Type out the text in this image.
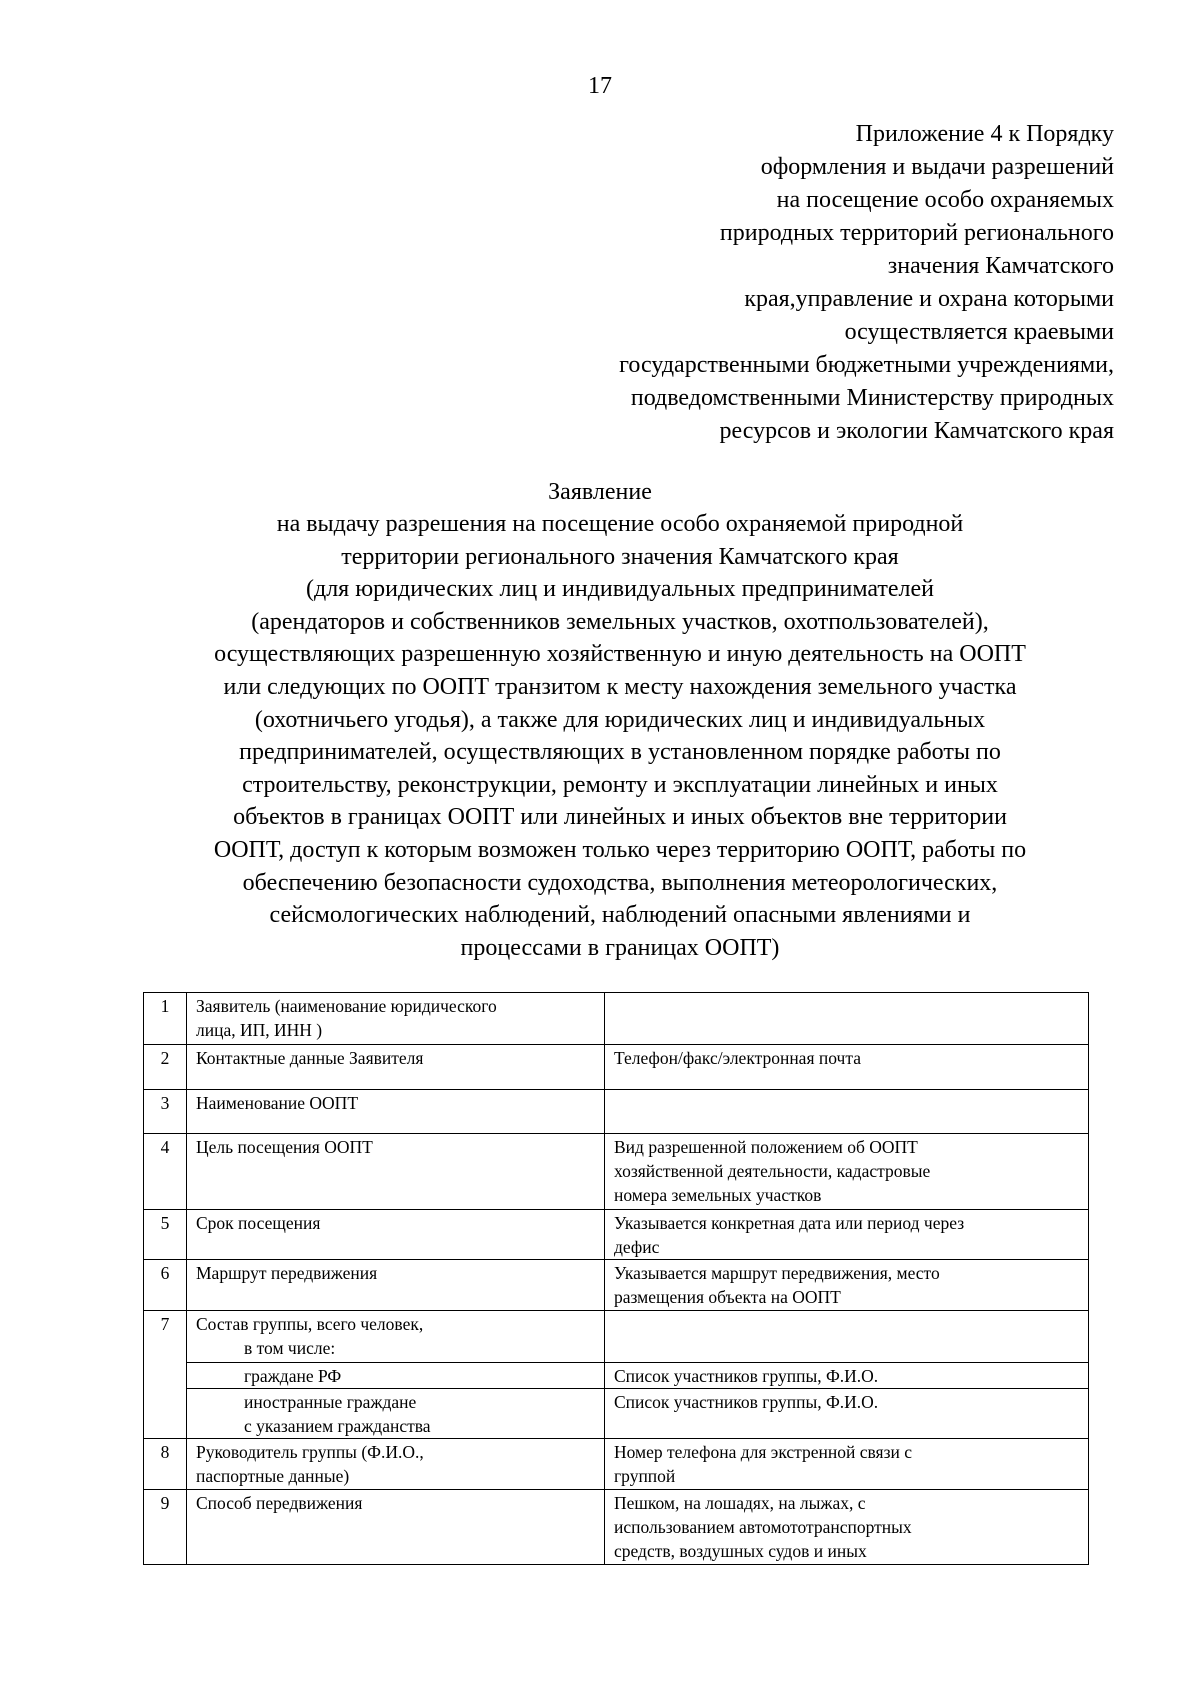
17
Приложение 4 к Порядку
оформления и выдачи разрешений
на посещение особо охраняемых
природных территорий регионального
значения Камчатского
края,управление и охрана которыми
осуществляется краевыми
государственными бюджетными учреждениями,
подведомственными Министерству природных
ресурсов и экологии Камчатского края
Заявление
на выдачу разрешения на посещение особо охраняемой природной
территории регионального значения Камчатского края
(для юридических лиц и индивидуальных предпринимателей
(арендаторов и собственников земельных участков, охотпользователей),
осуществляющих разрешенную хозяйственную и иную деятельность на ООПТ
или следующих по ООПТ транзитом к месту нахождения земельного участка
(охотничьего угодья), а также для юридических лиц и индивидуальных
предпринимателей, осуществляющих в установленном порядке работы по
строительству, реконструкции, ремонту и эксплуатации линейных и иных
объектов в границах ООПТ или линейных и иных объектов вне территории
ООПТ, доступ к которым возможен только через территорию ООПТ, работы по
обеспечению безопасности судоходства, выполнения метеорологических,
сейсмологических наблюдений, наблюдений опасными явлениями и
процессами в границах ООПТ)
1	Заявитель (наименование юридического
лица, ИП, ИНН )	

2	Контактные данные Заявителя	Телефон/факс/электронная почта

3	Наименование ООПТ	

4	Цель посещения ООПТ	Вид разрешенной положением об ООПТ
хозяйственной деятельности, кадастровые
номера земельных участков

5	Срок посещения	Указывается конкретная дата или период через
дефис

6	Маршрут передвижения	Указывается маршрут передвижения, место
размещения объекта на ООПТ

7	Состав группы, всего человек,
в том числе:	

	граждане РФ	Список участников группы, Ф.И.О.

	иностранные граждане
с указанием гражданства	Список участников группы, Ф.И.О.

8	Руководитель группы (Ф.И.О.,
паспортные данные)	Номер телефона для экстренной связи с
группой

9	Способ передвижения	Пешком, на лошадях, на лыжах, с
использованием автомототранспортных
средств, воздушных судов и иных
